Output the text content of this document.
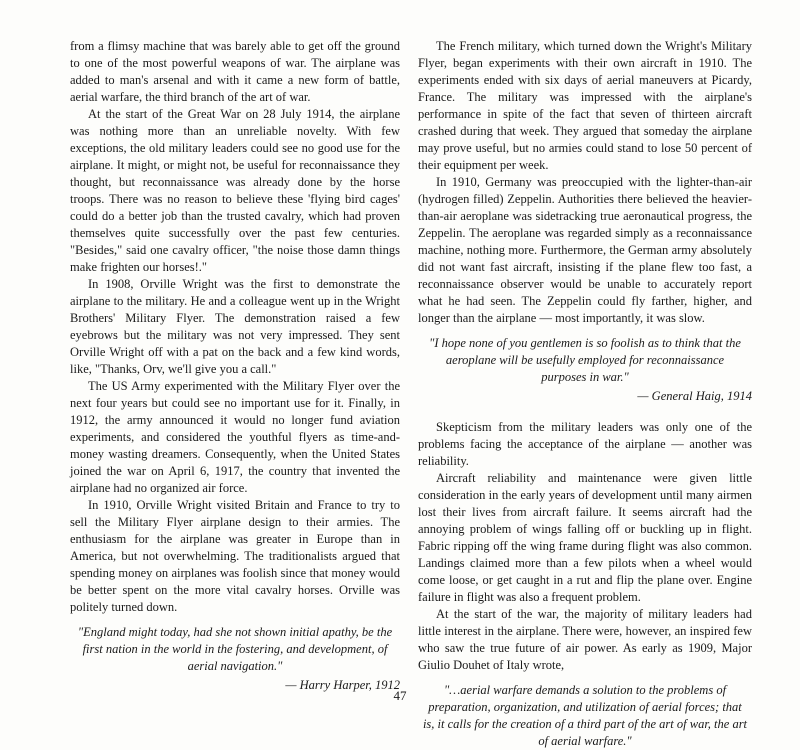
from a flimsy machine that was barely able to get off the ground to one of the most powerful weapons of war. The airplane was added to man's arsenal and with it came a new form of battle, aerial warfare, the third branch of the art of war.

At the start of the Great War on 28 July 1914, the airplane was nothing more than an unreliable novelty. With few exceptions, the old military leaders could see no good use for the airplane. It might, or might not, be useful for reconnaissance they thought, but reconnaissance was already done by the horse troops. There was no reason to believe these 'flying bird cages' could do a better job than the trusted cavalry, which had proven themselves quite successfully over the past few centuries. "Besides," said one cavalry officer, "the noise those damn things make frighten our horses!."

In 1908, Orville Wright was the first to demonstrate the airplane to the military. He and a colleague went up in the Wright Brothers' Military Flyer. The demonstration raised a few eyebrows but the military was not very impressed. They sent Orville Wright off with a pat on the back and a few kind words, like, "Thanks, Orv, we'll give you a call."

The US Army experimented with the Military Flyer over the next four years but could see no important use for it. Finally, in 1912, the army announced it would no longer fund aviation experiments, and considered the youthful flyers as time-and-money wasting dreamers. Consequently, when the United States joined the war on April 6, 1917, the country that invented the airplane had no organized air force.

In 1910, Orville Wright visited Britain and France to try to sell the Military Flyer airplane design to their armies. The enthusiasm for the airplane was greater in Europe than in America, but not overwhelming. The traditionalists argued that spending money on airplanes was foolish since that money would be better spent on the more vital cavalry horses. Orville was politely turned down.

"England might today, had she not shown initial apathy, be the first nation in the world in the fostering, and development, of aerial navigation."

— Harry Harper, 1912

The French military, which turned down the Wright's Military Flyer, began experiments with their own aircraft in 1910. The experiments ended with six days of aerial maneuvers at Picardy, France. The military was impressed with the airplane's performance in spite of the fact that seven of thirteen aircraft crashed during that week. They argued that someday the airplane may prove useful, but no armies could stand to lose 50 percent of their equipment per week.

In 1910, Germany was preoccupied with the lighter-than-air (hydrogen filled) Zeppelin. Authorities there believed the heavier-than-air aeroplane was sidetracking true aeronautical progress, the Zeppelin. The aeroplane was regarded simply as a reconnaissance machine, nothing more. Furthermore, the German army absolutely did not want fast aircraft, insisting if the plane flew too fast, a reconnaissance observer would be unable to accurately report what he had seen. The Zeppelin could fly farther, higher, and longer than the airplane — most importantly, it was slow.

"I hope none of you gentlemen is so foolish as to think that the aeroplane will be usefully employed for reconnaissance purposes in war."

— General Haig, 1914

Skepticism from the military leaders was only one of the problems facing the acceptance of the airplane — another was reliability.

Aircraft reliability and maintenance were given little consideration in the early years of development until many airmen lost their lives from aircraft failure. It seems aircraft had the annoying problem of wings falling off or buckling up in flight. Fabric ripping off the wing frame during flight was also common. Landings claimed more than a few pilots when a wheel would come loose, or get caught in a rut and flip the plane over. Engine failure in flight was also a frequent problem.

At the start of the war, the majority of military leaders had little interest in the airplane. There were, however, an inspired few who saw the true future of air power. As early as 1909, Major Giulio Douhet of Italy wrote,

"…aerial warfare demands a solution to the problems of preparation, organization, and utilization of aerial forces; that is, it calls for the creation of a third part of the art of war, the art of aerial warfare."

47
